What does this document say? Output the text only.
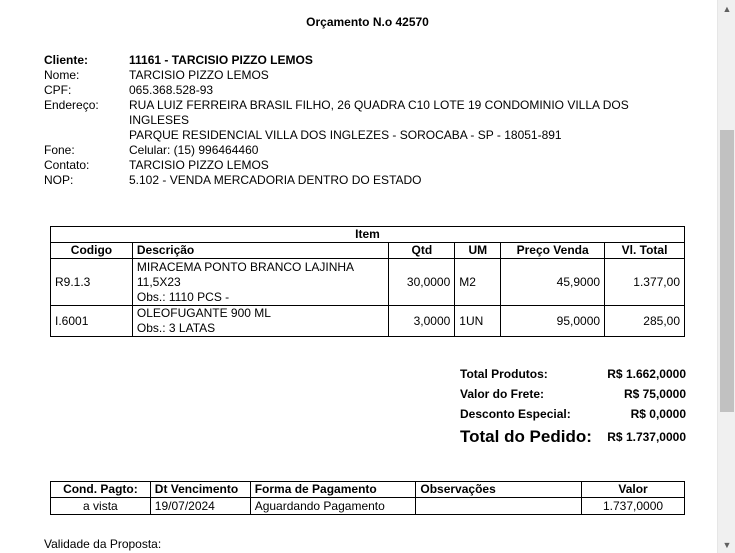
Orçamento N.o 42570
Cliente:	11161 - TARCISIO PIZZO LEMOS
Nome:	TARCISIO PIZZO LEMOS
CPF:	065.368.528-93
Endereço:	RUA LUIZ FERREIRA BRASIL FILHO, 26 QUADRA C10 LOTE 19 CONDOMINIO VILLA DOS
INGLESES
PARQUE RESIDENCIAL VILLA DOS INGLEZES - SOROCABA - SP - 18051-891
Fone:	Celular: (15) 996464460
Contato:	TARCISIO PIZZO LEMOS
NOP:	5.102 - VENDA MERCADORIA DENTRO DO ESTADO
Item					
Codigo	Descrição	Qtd	UM	Preço Venda	Vl. Total
R9.1.3	MIRACEMA PONTO BRANCO LAJINHA
11,5X23
Obs.: 1110 PCS -	30,0000	M2	45,9000	1.377,00
I.6001	OLEOFUGANTE 900 ML
Obs.: 3 LATAS	3,0000	1UN	95,0000	285,00
Total Produtos:	R$ 1.662,0000
Valor do Frete:	R$ 75,0000
Desconto Especial:	R$ 0,0000
Total do Pedido: R$ 1.737,0000
Cond. Pagto:	Dt Vencimento	Forma de Pagamento	Observações	Valor
a vista	19/07/2024	Aguardando Pagamento		1.737,0000
Validade da Proposta:
▲
▼
